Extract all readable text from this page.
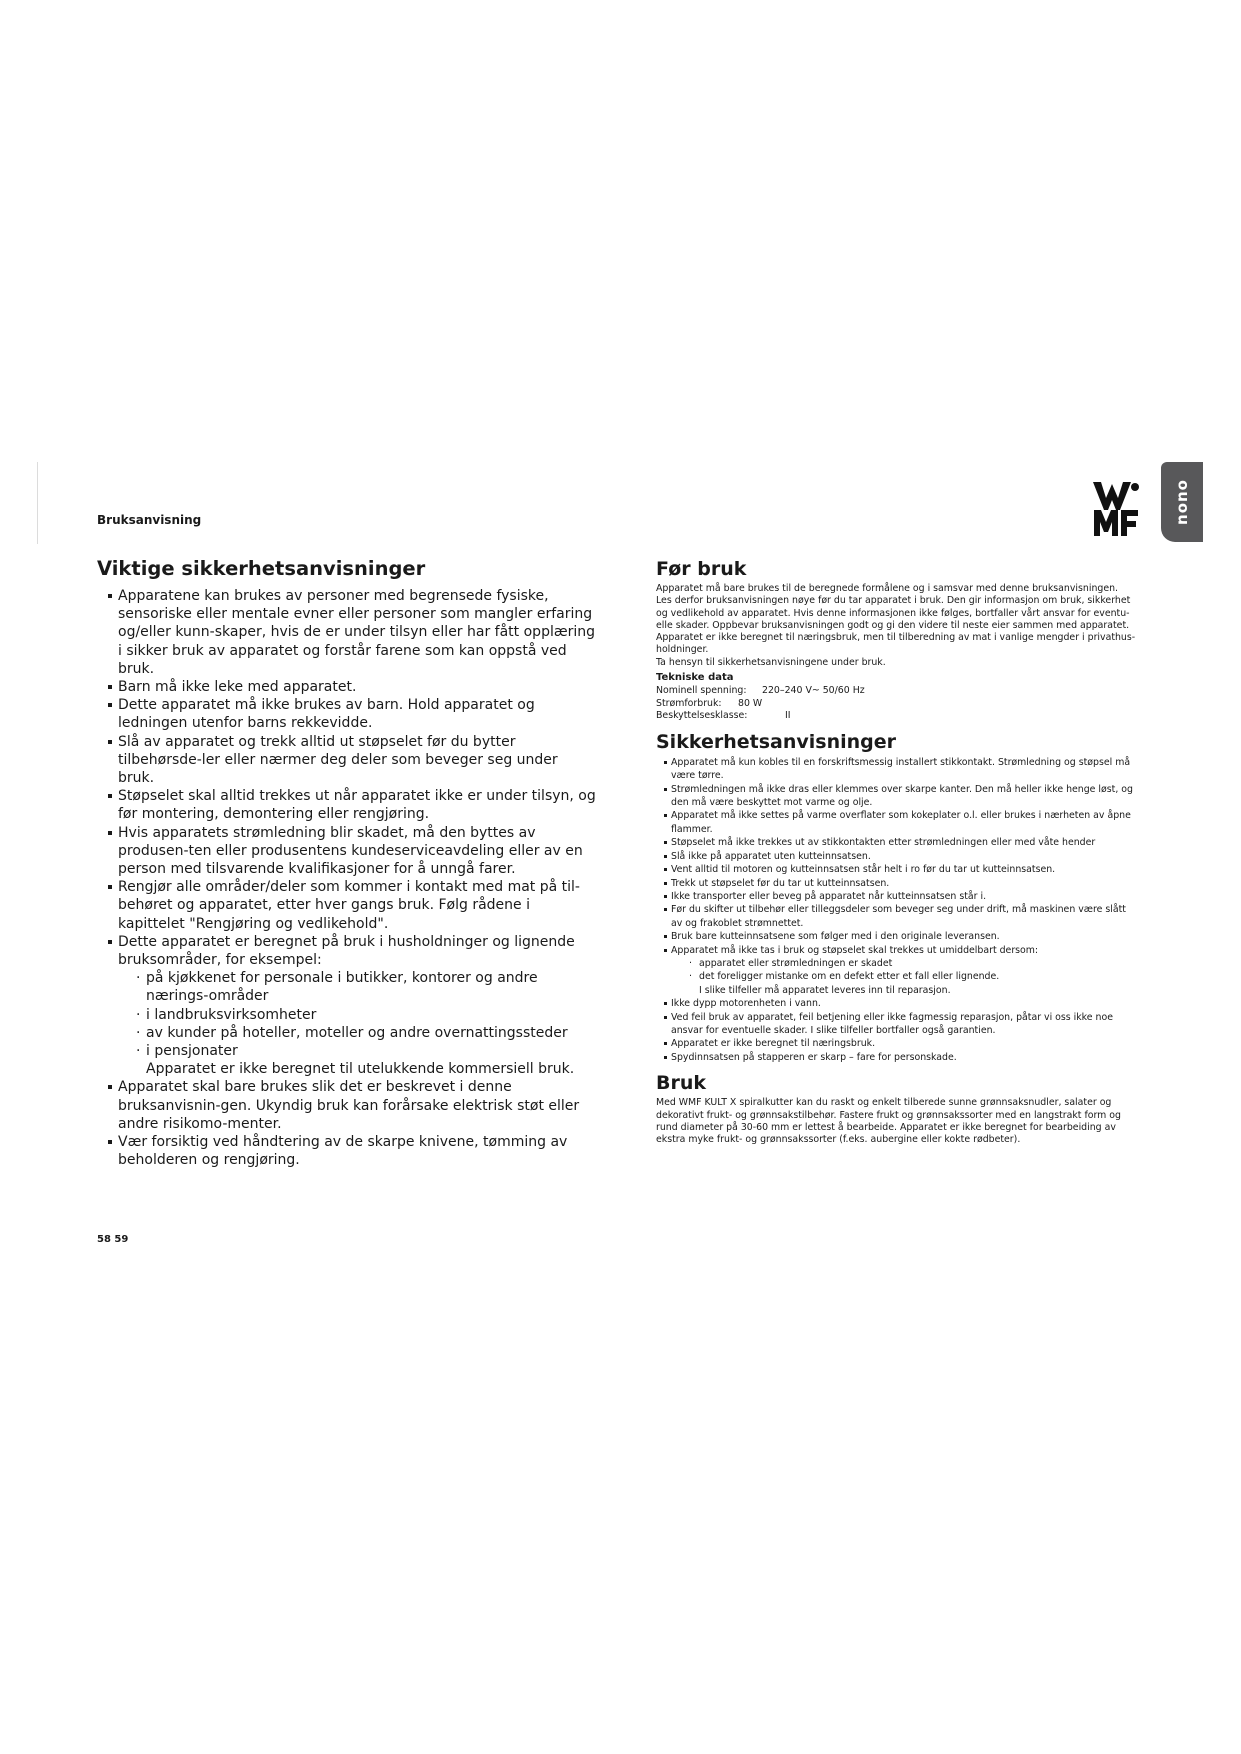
Bruksanvisning	nono
Viktige sikkerhetsanvisninger
Apparatene kan brukes av personer med begrensede fysiske, sensoriske eller mentale evner eller personer som mangler erfaring og/eller kunn-skaper, hvis de er under tilsyn eller har fått opplæring i sikker bruk av apparatet og forstår farene som kan oppstå ved bruk.
Barn må ikke leke med apparatet.
Dette apparatet må ikke brukes av barn. Hold apparatet og ledningen utenfor barns rekkevidde.
Slå av apparatet og trekk alltid ut støpselet før du bytter tilbehørsde-ler eller nærmer deg deler som beveger seg under bruk.
Støpselet skal alltid trekkes ut når apparatet ikke er under tilsyn, og før montering, demontering eller rengjøring.
Hvis apparatets strømledning blir skadet, må den byttes av produsen-ten eller produsentens kundeserviceavdeling eller av en person med tilsvarende kvalifikasjoner for å unngå farer.
Rengjør alle områder/deler som kommer i kontakt med mat på til-behøret og apparatet, etter hver gangs bruk. Følg rådene i kapittelet "Rengjøring og vedlikehold".
Dette apparatet er beregnet på bruk i husholdninger og lignende bruksområder, for eksempel:
· på kjøkkenet for personale i butikker, kontorer og andre nærings-områder
· i landbruksvirksomheter
· av kunder på hoteller, moteller og andre overnattingssteder
· i pensjonater
Apparatet er ikke beregnet til utelukkende kommersiell bruk.
Apparatet skal bare brukes slik det er beskrevet i denne bruksanvisnin-gen. Ukyndig bruk kan forårsake elektrisk støt eller andre risikomo-menter.
Vær forsiktig ved håndtering av de skarpe knivene, tømming av beholderen og rengjøring.
Før bruk

Apparatet må bare brukes til de beregnede formålene og i samsvar med denne bruksanvisningen. Les derfor bruksanvisningen nøye før du tar apparatet i bruk. Den gir informasjon om bruk, sikkerhet og vedlikehold av apparatet. Hvis denne informasjonen ikke følges, bortfaller vårt ansvar for eventu-elle skader. Oppbevar bruksanvisningen godt og gi den videre til neste eier sammen med apparatet. Apparatet er ikke beregnet til næringsbruk, men til tilberedning av mat i vanlige mengder i privathus-holdninger.

Ta hensyn til sikkerhetsanvisningene under bruk.

Tekniske data
Nominell spenning:	220–240 V~ 50/60 Hz
Strømforbruk:	80 W
Beskyttelsesklasse:	II
Sikkerhetsanvisninger
Apparatet må kun kobles til en forskriftsmessig installert stikkontakt. Strømledning og støpsel må være tørre.
Strømledningen må ikke dras eller klemmes over skarpe kanter. Den må heller ikke henge løst, og den må være beskyttet mot varme og olje.
Apparatet må ikke settes på varme overflater som kokeplater o.l. eller brukes i nærheten av åpne flammer.
Støpselet må ikke trekkes ut av stikkontakten etter strømledningen eller med våte hender
Slå ikke på apparatet uten kutteinnsatsen.
Vent alltid til motoren og kutteinnsatsen står helt i ro før du tar ut kutteinnsatsen.
Trekk ut støpselet før du tar ut kutteinnsatsen.
Ikke transporter eller beveg på apparatet når kutteinnsatsen står i.
Før du skifter ut tilbehør eller tilleggsdeler som beveger seg under drift, må maskinen være slått av og frakoblet strømnettet.
Bruk bare kutteinnsatsene som følger med i den originale leveransen.
Apparatet må ikke tas i bruk og støpselet skal trekkes ut umiddelbart dersom:
· apparatet eller strømledningen er skadet
· det foreligger mistanke om en defekt etter et fall eller lignende.
I slike tilfeller må apparatet leveres inn til reparasjon.
Ikke dypp motorenheten i vann.
Ved feil bruk av apparatet, feil betjening eller ikke fagmessig reparasjon, påtar vi oss ikke noe ansvar for eventuelle skader. I slike tilfeller bortfaller også garantien.
Apparatet er ikke beregnet til næringsbruk.
Spydinnsatsen på stapperen er skarp – fare for personskade.
Bruk

Med WMF KULT X spiralkutter kan du raskt og enkelt tilberede sunne grønnsaksnudler, salater og dekorativt frukt- og grønnsakstilbehør. Fastere frukt og grønnsakssorter med en langstrakt form og rund diameter på 30-60 mm er lettest å bearbeide. Apparatet er ikke beregnet for bearbeiding av ekstra myke frukt- og grønnsakssorter (f.eks. aubergine eller kokte rødbeter).

58 59
